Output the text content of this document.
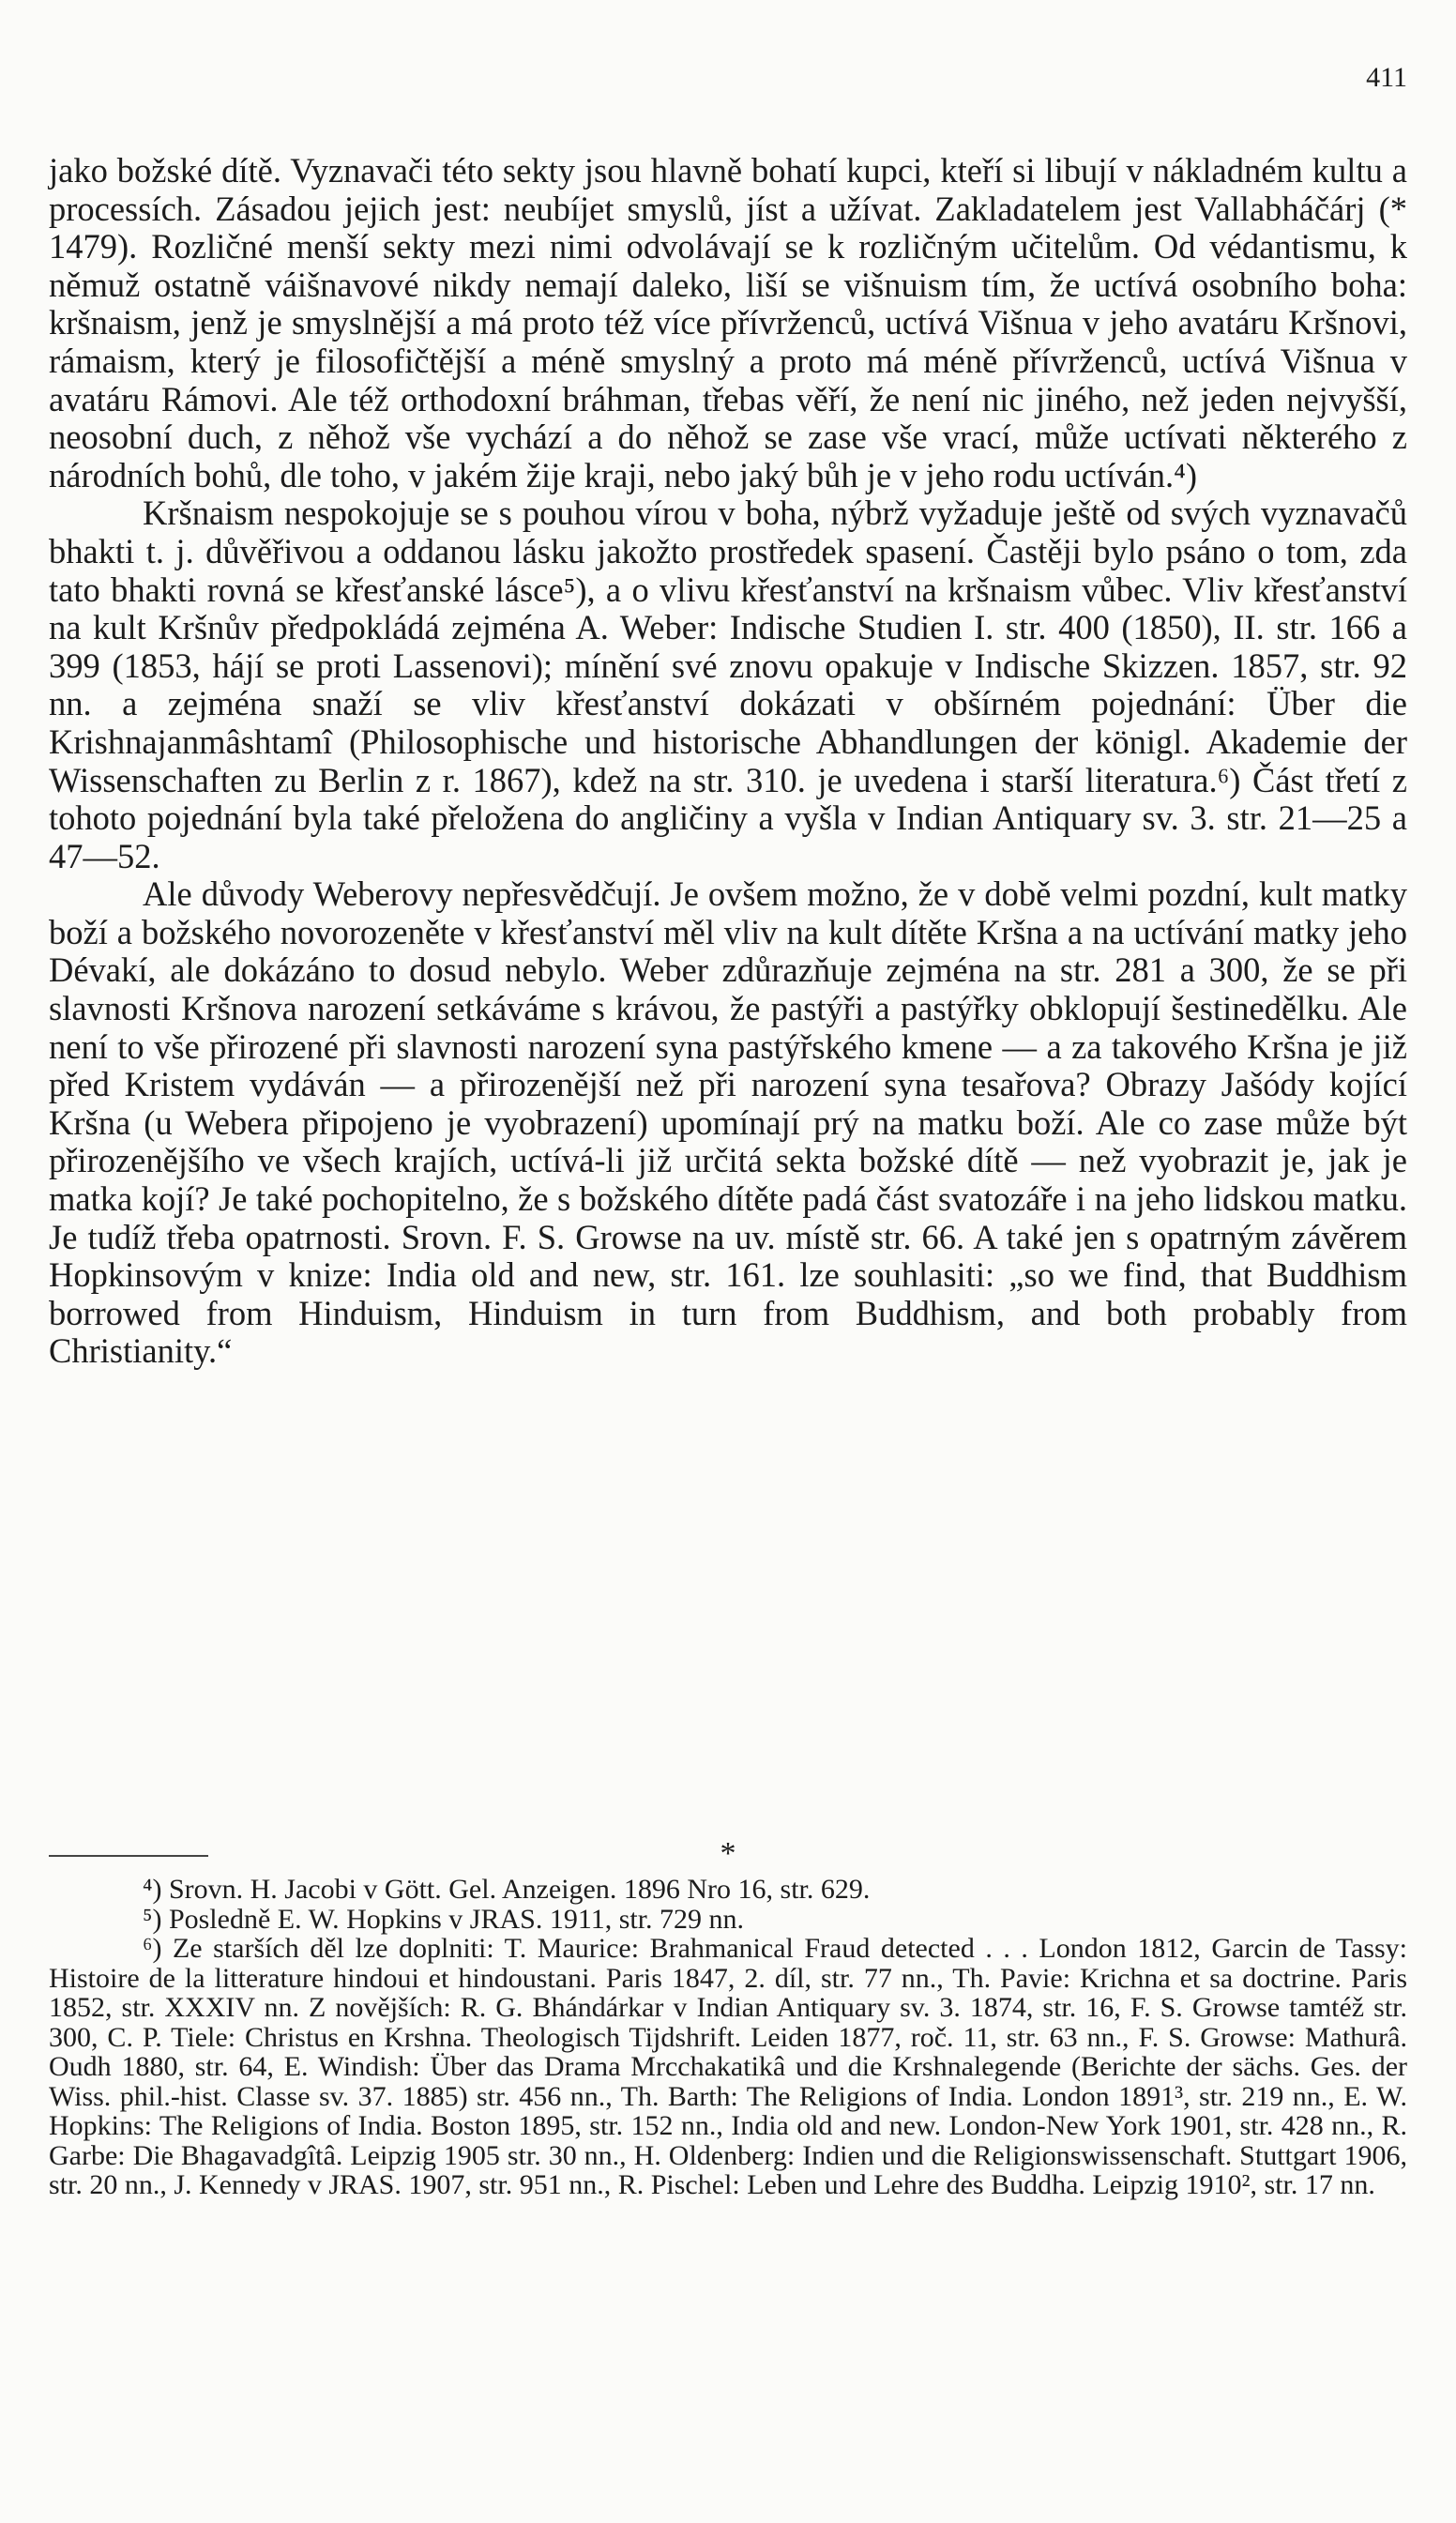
411

jako božské dítě. Vyznavači této sekty jsou hlavně bohatí kupci, kteří si libují v nákladném kultu a processích. Zásadou jejich jest: neubíjet smyslů, jíst a užívat. Zakladatelem jest Vallabháčárj (* 1479). Rozličné menší sekty mezi nimi odvolávají se k rozličným učitelům. Od védantismu, k němuž ostatně váišnavové nikdy nemají daleko, liší se višnuism tím, že uctívá osobního boha: kršnaism, jenž je smyslnější a má proto též více přívrženců, uctívá Višnua v jeho avatáru Kršnovi, rámaism, který je filosofičtější a méně smyslný a proto má méně přívrženců, uctívá Višnua v avatáru Rámovi. Ale též orthodoxní bráhman, třebas věří, že není nic jiného, než jeden nejvyšší, neosobní duch, z něhož vše vychází a do něhož se zase vše vrací, může uctívati některého z národních bohů, dle toho, v jakém žije kraji, nebo jaký bůh je v jeho rodu uctíván.⁴)

Kršnaism nespokojuje se s pouhou vírou v boha, nýbrž vyžaduje ještě od svých vyznavačů bhakti t. j. důvěřivou a oddanou lásku jakožto prostředek spasení. Častěji bylo psáno o tom, zda tato bhakti rovná se křesťanské lásce⁵), a o vlivu křesťanství na kršnaism vůbec. Vliv křesťanství na kult Kršnův předpokládá zejména A. Weber: Indische Studien I. str. 400 (1850), II. str. 166 a 399 (1853, hájí se proti Lassenovi); mínění své znovu opakuje v Indische Skizzen. 1857, str. 92 nn. a zejména snaží se vliv křesťanství dokázati v obšírném pojednání: Über die Krishnajanmâshtamî (Philosophische und historische Abhandlungen der königl. Akademie der Wissenschaften zu Berlin z r. 1867), kdež na str. 310. je uvedena i starší literatura.⁶) Část třetí z tohoto pojednání byla také přeložena do angličiny a vyšla v Indian Antiquary sv. 3. str. 21—25 a 47—52.

Ale důvody Weberovy nepřesvědčují. Je ovšem možno, že v době velmi pozdní, kult matky boží a božského novorozeněte v křesťanství měl vliv na kult dítěte Kršna a na uctívání matky jeho Dévakí, ale dokázáno to dosud nebylo. Weber zdůrazňuje zejména na str. 281 a 300, že se při slavnosti Kršnova narození setkáváme s krávou, že pastýři a pastýřky obklopují šestinedělku. Ale není to vše přirozené při slavnosti narození syna pastýřského kmene — a za takového Kršna je již před Kristem vydáván — a přirozenější než při narození syna tesařova? Obrazy Jašódy kojící Kršna (u Webera připojeno je vyobrazení) upomínají prý na matku boží. Ale co zase může být přirozenějšího ve všech krajích, uctívá-li již určitá sekta božské dítě — než vyobrazit je, jak je matka kojí? Je také pochopitelno, že s božského dítěte padá část svatozáře i na jeho lidskou matku. Je tudíž třeba opatrnosti. Srovn. F. S. Growse na uv. místě str. 66. A také jen s opatrným závěrem Hopkinsovým v knize: India old and new, str. 161. lze souhlasiti: „so we find, that Buddhism borrowed from Hinduism, Hinduism in turn from Buddhism, and both probably from Christianity.“

*

⁴) Srovn. H. Jacobi v Gött. Gel. Anzeigen. 1896 Nro 16, str. 629.

⁵) Posledně E. W. Hopkins v JRAS. 1911, str. 729 nn.

⁶) Ze starších děl lze doplniti: T. Maurice: Brahmanical Fraud detected . . . London 1812, Garcin de Tassy: Histoire de la litterature hindoui et hindoustani. Paris 1847, 2. díl, str. 77 nn., Th. Pavie: Krichna et sa doctrine. Paris 1852, str. XXXIV nn. Z novějších: R. G. Bhándárkar v Indian Antiquary sv. 3. 1874, str. 16, F. S. Growse tamtéž str. 300, C. P. Tiele: Christus en Krshna. Theologisch Tijdshrift. Leiden 1877, roč. 11, str. 63 nn., F. S. Growse: Mathurâ. Oudh 1880, str. 64, E. Windish: Über das Drama Mrcchakatikâ und die Krshnalegende (Berichte der sächs. Ges. der Wiss. phil.-hist. Classe sv. 37. 1885) str. 456 nn., Th. Barth: The Religions of India. London 1891³, str. 219 nn., E. W. Hopkins: The Religions of India. Boston 1895, str. 152 nn., India old and new. London-New York 1901, str. 428 nn., R. Garbe: Die Bhagavadgîtâ. Leipzig 1905 str. 30 nn., H. Oldenberg: Indien und die Religionswissenschaft. Stuttgart 1906, str. 20 nn., J. Kennedy v JRAS. 1907, str. 951 nn., R. Pischel: Leben und Lehre des Buddha. Leipzig 1910², str. 17 nn.
